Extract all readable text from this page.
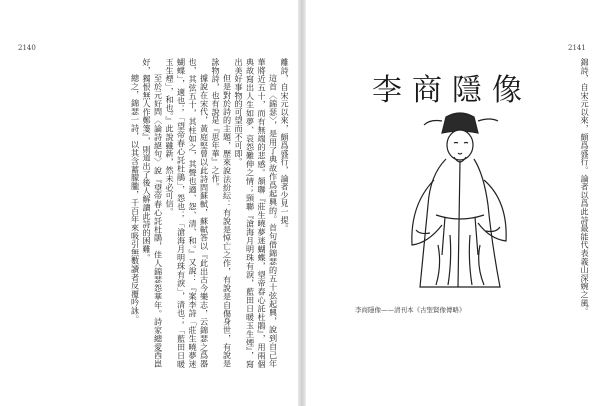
2140

離詩，自宋元以來，頗爲盛行，論者少見一提。

這首〈錦瑟〉，是用了典故作爲起興的。首句借錦瑟的五十弦起興，說到自己年華將近五十，而有無端的悲感。頷聯『莊生曉夢迷蝴蝶，望帝春心託杜鵑』，用兩個典故寫出人生如夢、哀怨難伸之情；頸聯『滄海月明珠有淚，藍田日暖玉生煙』，寫出美好事物的可望而不可即。

但是對於詩的主題，歷來說法紛紜：有說是悼亡之作，有說是自傷身世，有說是詠物詩，也有說是『思年華』之作。

據說在宋代，黃庭堅曾以此詩問蘇軾，蘇軾答以『此出古今樂志，云錦瑟之爲器也，其弦五十，其柱如之，其聲也適、怨、清、和。』又說：『案李詩「莊生曉夢迷蝴蝶」，適也；「望帝春心託杜鵑」，怨也；「滄海月明珠有淚」，清也；「藍田日暖玉生煙」，和也。』此說雖新，然未必可信。

至於元好問〈論詩絕句〉說『望帝春心託杜鵑，佳人錦瑟怨華年。詩家總愛西崑好，獨恨無人作鄭箋』，則道出了後人解讀此詩的困難。

總之，錦瑟一詩，以其含蓄朦朧，千百年來吸引無數讀者反覆吟詠。

2141

錦詩，自宋元以來，頗爲盛行。論者以爲此詩最能代表義山深婉之風。

李 商 隱 像
李商隱像——清刊本《古聖賢像傳略》
